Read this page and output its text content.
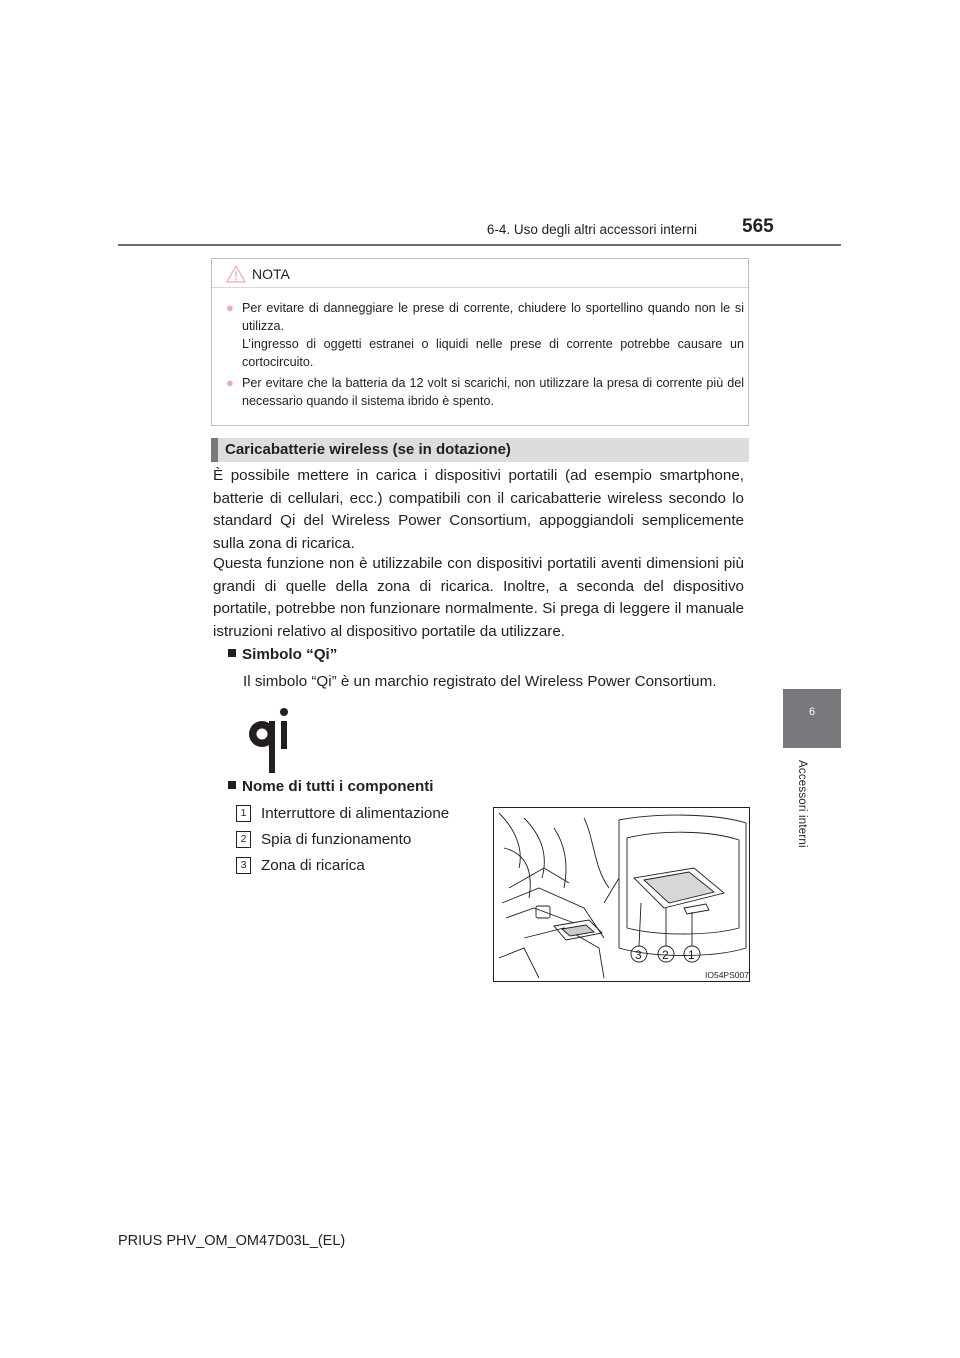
6-4. Uso degli altri accessori interni 565
6
Accessori interni
NOTA
● Per evitare di danneggiare le prese di corrente, chiudere lo sportellino quando non le si utilizza.
L’ingresso di oggetti estranei o liquidi nelle prese di corrente potrebbe causare un cortocircuito.
● Per evitare che la batteria da 12 volt si scarichi, non utilizzare la presa di corrente più del necessario quando il sistema ibrido è spento.
Caricabatterie wireless (se in dotazione)
È possibile mettere in carica i dispositivi portatili (ad esempio smartphone, batterie di cellulari, ecc.) compatibili con il caricabatterie wireless secondo lo standard Qi del Wireless Power Consortium, appoggiandoli semplicemente sulla zona di ricarica.
Questa funzione non è utilizzabile con dispositivi portatili aventi dimensioni più grandi di quelle della zona di ricarica. Inoltre, a seconda del dispositivo portatile, potrebbe non funzionare normalmente. Si prega di leggere il manuale istruzioni relativo al dispositivo portatile da utilizzare.
Simbolo “Qi”
Il simbolo “Qi” è un marchio registrato del Wireless Power Consortium.
Nome di tutti i componenti
1 Interruttore di alimentazione
2 Spia di funzionamento
3 Zona di ricarica
3 2 1
IO54PS007
PRIUS PHV_OM_OM47D03L_(EL)
